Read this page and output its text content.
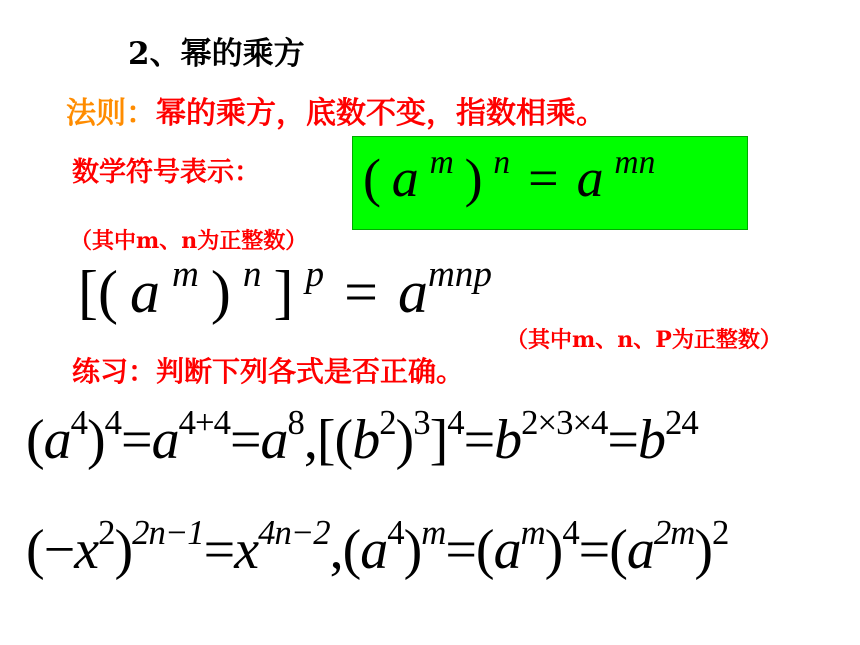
2、幂的乘方
法则：幂的乘方，底数不变，指数相乘。
数学符号表示： ( a  $^m$ ) $^n$ = a  $^{mn}$
（其中m、n为正整数）
[( a  $^m$ ) $^n$ ] $^p$ = $a^{mnp}$
（其中m、n、P为正整数）
练习：判断下列各式是否正确。
$(a^4)^4=a^{4+4}=a^8,[(b^2)^3]^4=b^{2\times 3\times 4}=b^{24}$
$(-x^2)^{2n-1}=x^{4n-2},(a^4)^m=(a^m)^4=(a^{2m})^2$
